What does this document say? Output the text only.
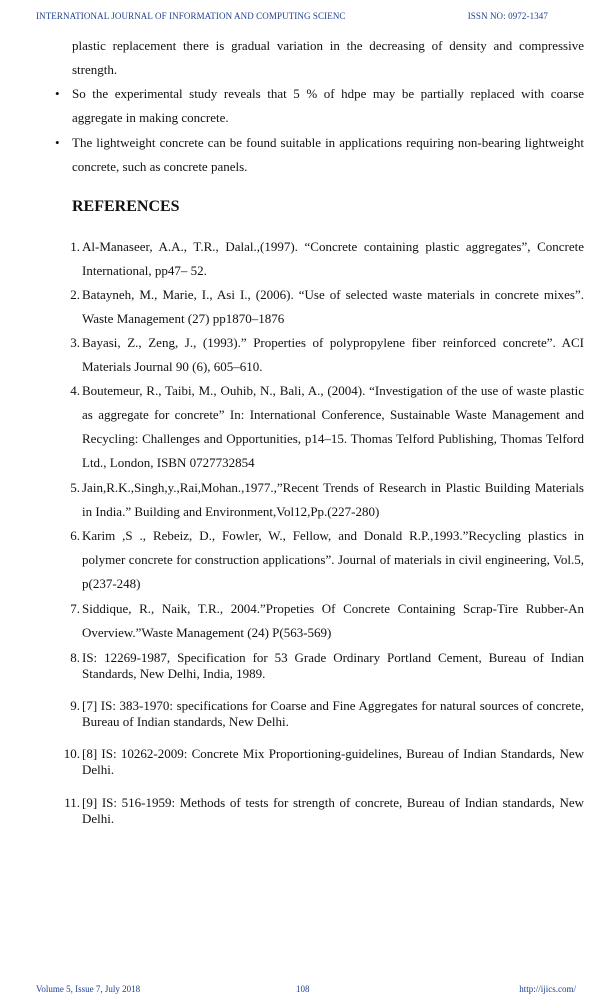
INTERNATIONAL JOURNAL OF INFORMATION AND COMPUTING SCIENC	ISSN NO: 0972-1347
plastic replacement there is gradual variation in the decreasing of density and compressive strength.
• So the experimental study reveals that 5 % of hdpe may be partially replaced with coarse aggregate in making concrete.
• The lightweight concrete can be found suitable in applications requiring non-bearing lightweight concrete, such as concrete panels.
REFERENCES
1. Al-Manaseer, A.A., T.R., Dalal.,(1997). “Concrete containing plastic aggregates”, Concrete International, pp47– 52.
2. Batayneh, M., Marie, I., Asi I., (2006). “Use of selected waste materials in concrete mixes”. Waste Management (27) pp1870–1876
3. Bayasi, Z., Zeng, J., (1993).” Properties of polypropylene fiber reinforced concrete”. ACI Materials Journal 90 (6), 605–610.
4. Boutemeur, R., Taibi, M., Ouhib, N., Bali, A., (2004). “Investigation of the use of waste plastic as aggregate for concrete” In: International Conference, Sustainable Waste Management and Recycling: Challenges and Opportunities, p14–15. Thomas Telford Publishing, Thomas Telford Ltd., London, ISBN 0727732854
5. Jain,R.K.,Singh,y.,Rai,Mohan.,1977.,”Recent Trends of Research in Plastic Building Materials in India.” Building and Environment,Vol12,Pp.(227-280)
6. Karim ,S ., Rebeiz, D., Fowler, W., Fellow, and Donald R.P.,1993.”Recycling plastics in polymer concrete for construction applications”. Journal of materials in civil engineering, Vol.5, p(237-248)
7. Siddique, R., Naik, T.R., 2004.”Propeties Of Concrete Containing Scrap-Tire Rubber-An Overview.”Waste Management (24) P(563-569)
8. IS: 12269-1987, Specification for 53 Grade Ordinary Portland Cement, Bureau of Indian Standards, New Delhi, India, 1989.
9. [7] IS: 383-1970: specifications for Coarse and Fine Aggregates for natural sources of concrete, Bureau of Indian standards, New Delhi.
10. [8] IS: 10262-2009: Concrete Mix Proportioning-guidelines, Bureau of Indian Standards, New Delhi.
11. [9] IS: 516-1959: Methods of tests for strength of concrete, Bureau of Indian standards, New Delhi.
Volume 5, Issue 7, July 2018	108	http://ijics.com/
